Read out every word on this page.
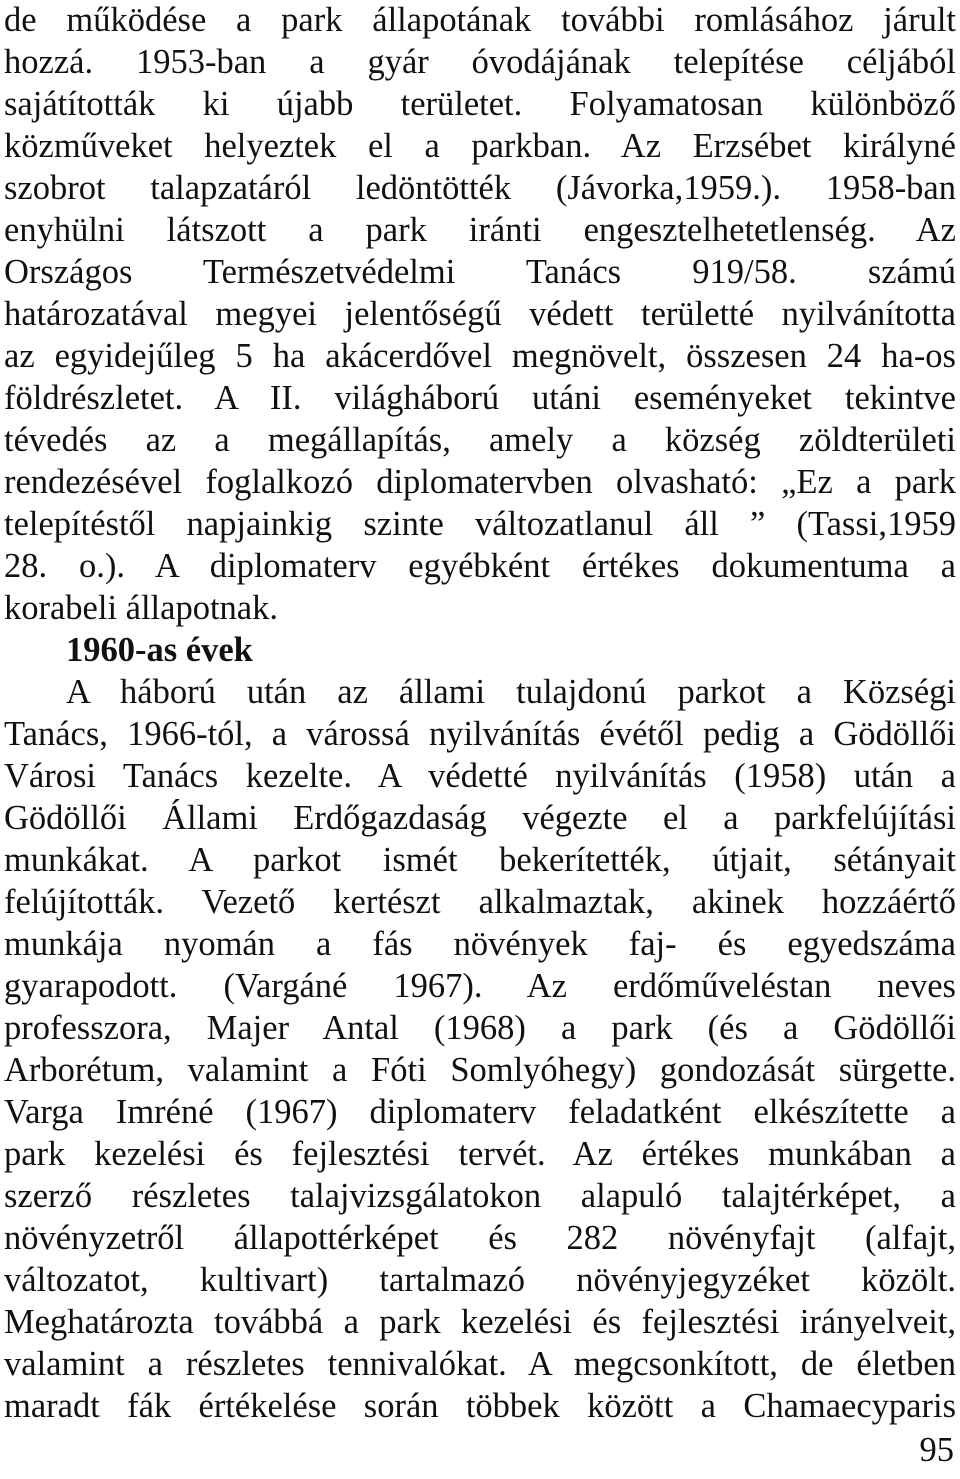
de működése a park állapotának további romlásához járult
hozzá. 1953-ban a gyár óvodájának telepítése céljából
sajátították ki újabb területet. Folyamatosan különböző
közműveket helyeztek el a parkban. Az Erzsébet királyné
szobrot talapzatáról ledöntötték (Jávorka,1959.). 1958-ban
enyhülni látszott a park iránti engesztelhetetlenség. Az
Országos Természetvédelmi Tanács 919/58. számú
határozatával megyei jelentőségű védett területté nyilvánította
az egyidejűleg 5 ha akácerdővel megnövelt, összesen 24 ha-os
földrészletet. A II. világháború utáni eseményeket tekintve
tévedés az a megállapítás, amely a község zöldterületi
rendezésével foglalkozó diplomatervben olvasható: „Ez a park
telepítéstől napjainkig szinte változatlanul áll ” (Tassi,1959
28. o.). A diplomaterv egyébként értékes dokumentuma a
korabeli állapotnak.
1960-as évek
A háború után az állami tulajdonú parkot a Községi
Tanács, 1966-tól, a várossá nyilvánítás évétől pedig a Gödöllői
Városi Tanács kezelte. A védetté nyilvánítás (1958) után a
Gödöllői Állami Erdőgazdaság végezte el a parkfelújítási
munkákat. A parkot ismét bekerítették, útjait, sétányait
felújították. Vezető kertészt alkalmaztak, akinek hozzáértő
munkája nyomán a fás növények faj- és egyedszáma
gyarapodott. (Vargáné 1967). Az erdőműveléstan neves
professzora, Majer Antal (1968) a park (és a Gödöllői
Arborétum, valamint a Fóti Somlyóhegy) gondozását sürgette.
Varga Imréné (1967) diplomaterv feladatként elkészítette a
park kezelési és fejlesztési tervét. Az értékes munkában a
szerző részletes talajvizsgálatokon alapuló talajtérképet, a
növényzetről állapottérképet és 282 növényfajt (alfajt,
változatot, kultivart) tartalmazó növényjegyzéket közölt.
Meghatározta továbbá a park kezelési és fejlesztési irányelveit,
valamint a részletes tennivalókat. A megcsonkított, de életben
maradt fák értékelése során többek között a Chamaecyparis
95
